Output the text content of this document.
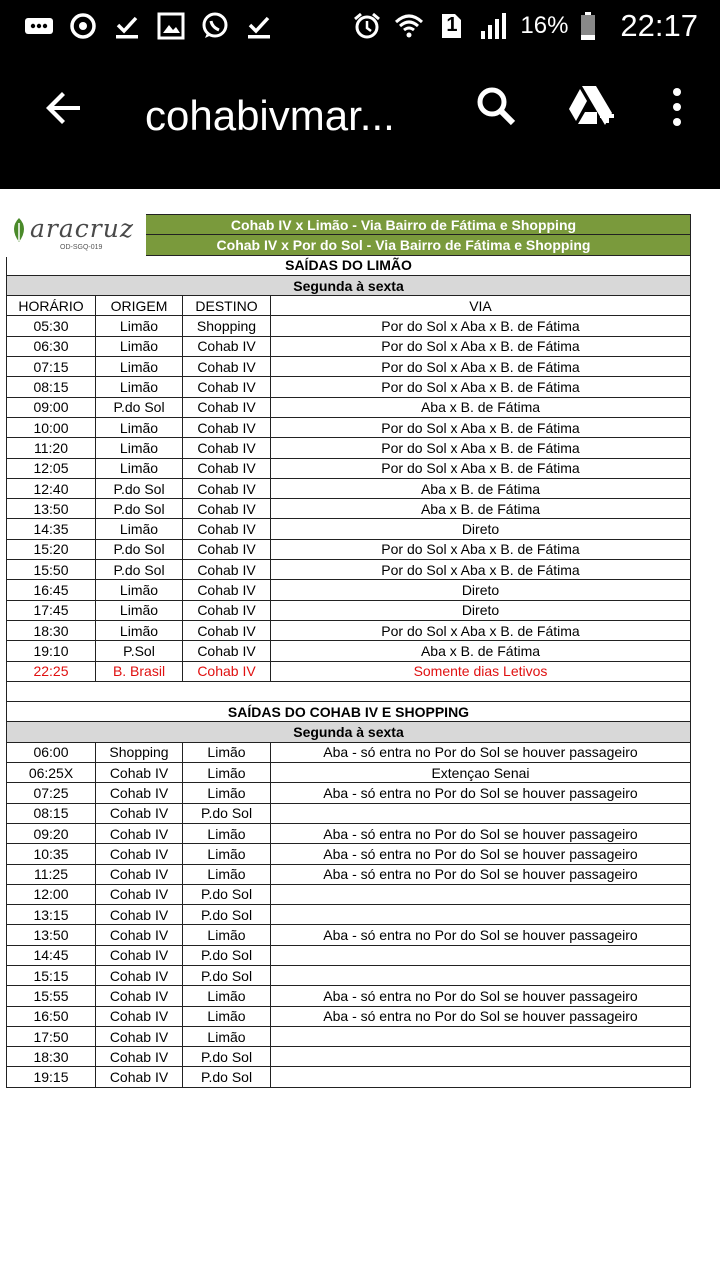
1	16% 22:17
cohabivmar...
aracruz
OD-SGQ-019
Cohab IV x Limão - Via Bairro de Fátima e Shopping			
Cohab IV x Por do Sol - Via Bairro de Fátima e Shopping			
SAÍDAS DO LIMÃO			
Segunda à sexta			
HORÁRIO	ORIGEM	DESTINO	VIA
05:30	Limão	Shopping	Por do Sol x Aba x B. de Fátima
06:30	Limão	Cohab IV	Por do Sol x Aba x B. de Fátima
07:15	Limão	Cohab IV	Por do Sol x Aba x B. de Fátima
08:15	Limão	Cohab IV	Por do Sol x Aba x B. de Fátima
09:00	P.do Sol	Cohab IV	Aba x B. de Fátima
10:00	Limão	Cohab IV	Por do Sol x Aba x B. de Fátima
11:20	Limão	Cohab IV	Por do Sol x Aba x B. de Fátima
12:05	Limão	Cohab IV	Por do Sol x Aba x B. de Fátima
12:40	P.do Sol	Cohab IV	Aba x B. de Fátima
13:50	P.do Sol	Cohab IV	Aba x B. de Fátima
14:35	Limão	Cohab IV	Direto
15:20	P.do Sol	Cohab IV	Por do Sol x Aba x B. de Fátima
15:50	P.do Sol	Cohab IV	Por do Sol x Aba x B. de Fátima
16:45	Limão	Cohab IV	Direto
17:45	Limão	Cohab IV	Direto
18:30	Limão	Cohab IV	Por do Sol x Aba x B. de Fátima
19:10	P.Sol	Cohab IV	Aba x B. de Fátima
22:25	B. Brasil	Cohab IV	Somente dias Letivos

SAÍDAS DO COHAB IV E SHOPPING			
Segunda à sexta			
06:00	Shopping	Limão	Aba - só entra no Por do Sol se houver passageiro
06:25X	Cohab IV	Limão	Extençao Senai
07:25	Cohab IV	Limão	Aba - só entra no Por do Sol se houver passageiro
08:15	Cohab IV	P.do Sol	
09:20	Cohab IV	Limão	Aba - só entra no Por do Sol se houver passageiro
10:35	Cohab IV	Limão	Aba - só entra no Por do Sol se houver passageiro
11:25	Cohab IV	Limão	Aba - só entra no Por do Sol se houver passageiro
12:00	Cohab IV	P.do Sol	
13:15	Cohab IV	P.do Sol	
13:50	Cohab IV	Limão	Aba - só entra no Por do Sol se houver passageiro
14:45	Cohab IV	P.do Sol	
15:15	Cohab IV	P.do Sol	
15:55	Cohab IV	Limão	Aba - só entra no Por do Sol se houver passageiro
16:50	Cohab IV	Limão	Aba - só entra no Por do Sol se houver passageiro
17:50	Cohab IV	Limão	
18:30	Cohab IV	P.do Sol	
19:15	Cohab IV	P.do Sol	
